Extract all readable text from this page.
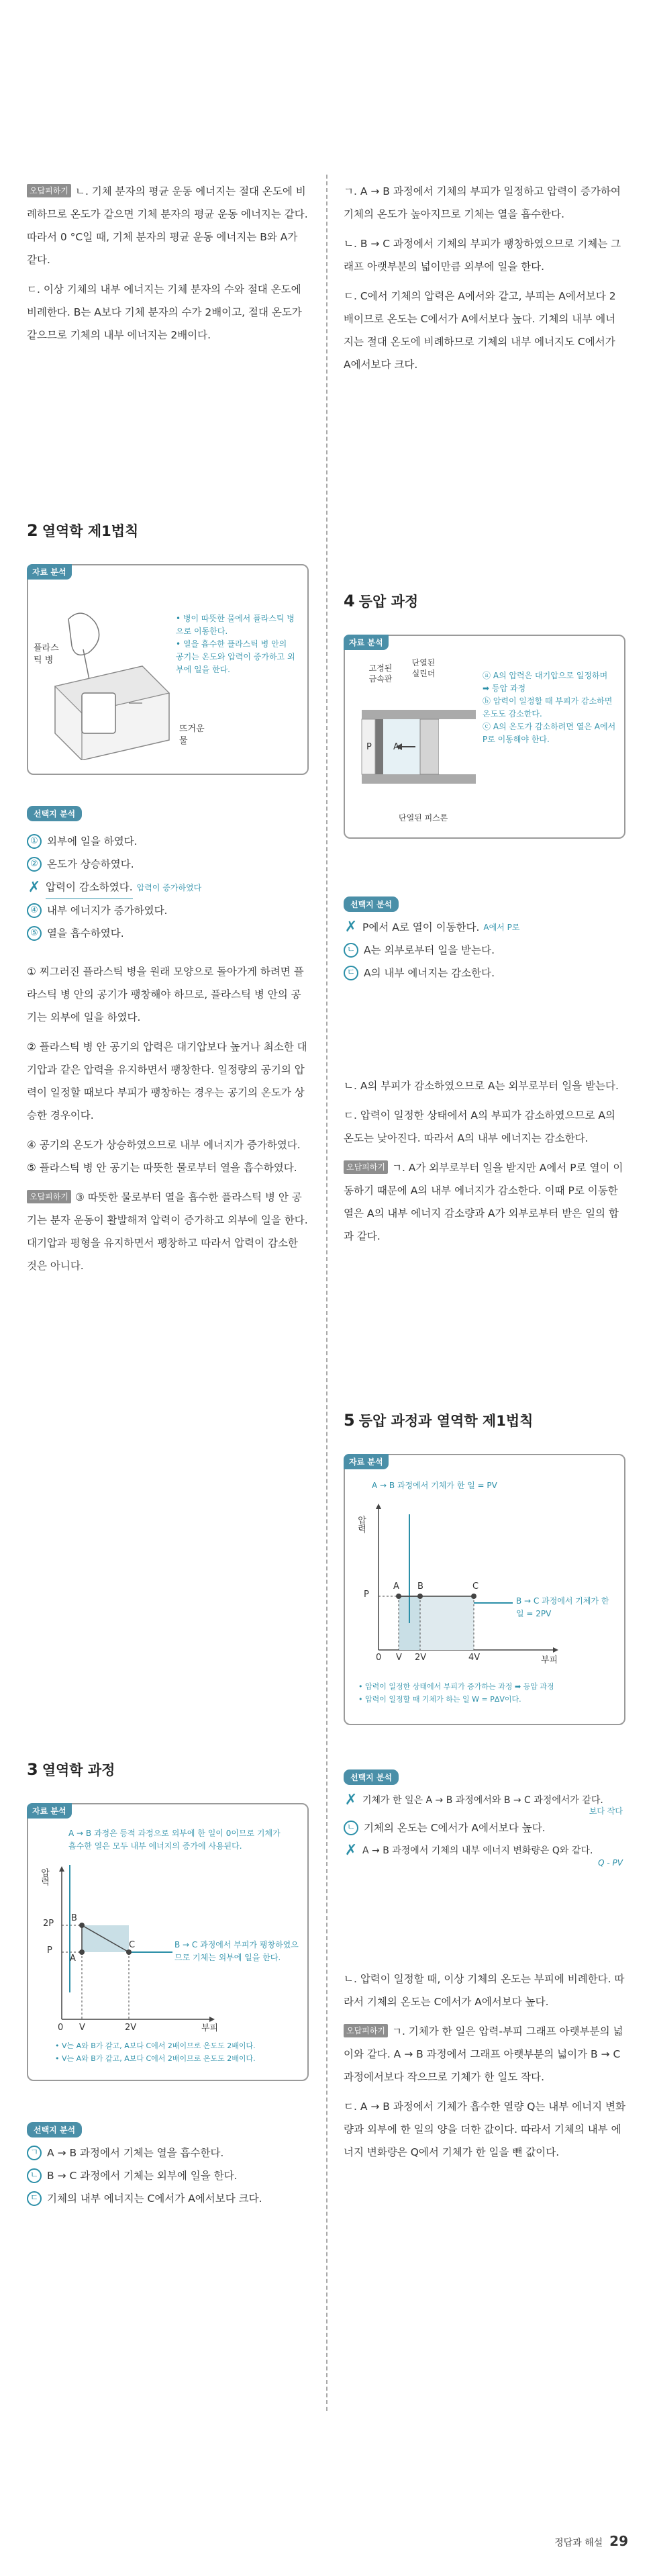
오답피하기 ㄴ. 기체 분자의 평균 운동 에너지는 절대 온도에 비례하므로 온도가 같으면 기체 분자의 평균 운동 에너지는 같다. 따라서 0 °C일 때, 기체 분자의 평균 운동 에너지는 B와 A가 같다.

ㄷ. 이상 기체의 내부 에너지는 기체 분자의 수와 절대 온도에 비례한다. B는 A보다 기체 분자의 수가 2배이고, 절대 온도가 같으므로 기체의 내부 에너지는 2배이다.

2 열역학 제1법칙
자료 분석
플라스틱 병
뜨거운 물
• 병이 따뜻한 물에서 플라스틱 병으로 이동한다.
• 열을 흡수한 플라스틱 병 안의 공기는 온도와 압력이 증가하고 외부에 일을 한다.
선택지 분석
① 외부에 일을 하였다.
② 온도가 상승하였다.
✗ 압력이 감소하였다. 압력이 증가하였다
④ 내부 에너지가 증가하였다.
⑤ 열을 흡수하였다.

① 찌그러진 플라스틱 병을 원래 모양으로 돌아가게 하려면 플라스틱 병 안의 공기가 팽창해야 하므로, 플라스틱 병 안의 공기는 외부에 일을 하였다.

② 플라스틱 병 안 공기의 압력은 대기압보다 높거나 최소한 대기압과 같은 압력을 유지하면서 팽창한다. 일정량의 공기의 압력이 일정할 때보다 부피가 팽창하는 경우는 공기의 온도가 상승한 경우이다.

④ 공기의 온도가 상승하였으므로 내부 에너지가 증가하였다.

⑤ 플라스틱 병 안 공기는 따뜻한 물로부터 열을 흡수하였다.

오답피하기 ③ 따뜻한 물로부터 열을 흡수한 플라스틱 병 안 공기는 분자 운동이 활발해져 압력이 증가하고 외부에 일을 한다. 대기압과 평형을 유지하면서 팽창하고 따라서 압력이 감소한 것은 아니다.

3 열역학 과정
자료 분석
A → B 과정은 등적 과정으로 외부에 한 일이 0이므로 기체가 흡수한 열은 모두 내부 에너지의 증가에 사용된다.
압력
2P
P
B
A
C
0 V	2V	부피
B → C 과정에서 부피가 팽창하였으므로 기체는 외부에 일을 한다.
• V는 A와 B가 같고, A보다 C에서 2배이므로 온도도 2배이다.
• V는 A와 B가 같고, A보다 C에서 2배이므로 온도도 2배이다.
선택지 분석
ㄱ A → B 과정에서 기체는 열을 흡수한다.
ㄴ B → C 과정에서 기체는 외부에 일을 한다.
ㄷ 기체의 내부 에너지는 C에서가 A에서보다 크다.

ㄱ. A → B 과정에서 기체의 부피가 일정하고 압력이 증가하여 기체의 온도가 높아지므로 기체는 열을 흡수한다.

ㄴ. B → C 과정에서 기체의 부피가 팽창하였으므로 기체는 그래프 아랫부분의 넓이만큼 외부에 일을 한다.

ㄷ. C에서 기체의 압력은 A에서와 같고, 부피는 A에서보다 2배이므로 온도는 C에서가 A에서보다 높다. 기체의 내부 에너지는 절대 온도에 비례하므로 기체의 내부 에너지도 C에서가 A에서보다 크다.

4 등압 과정
자료 분석
고정된 금속판
단열된 실린더
P A
단열된 피스톤
ⓐ A의 압력은 대기압으로 일정하며 ➡ 등압 과정
ⓑ 압력이 일정할 때 부피가 감소하면 온도도 감소한다.
ⓒ A의 온도가 감소하려면 열은 A에서 P로 이동해야 한다.
선택지 분석
✗ P에서 A로 열이 이동한다. A에서 P로
ㄴ A는 외부로부터 일을 받는다.
ㄷ A의 내부 에너지는 감소한다.

ㄴ. A의 부피가 감소하였으므로 A는 외부로부터 일을 받는다.

ㄷ. 압력이 일정한 상태에서 A의 부피가 감소하였으므로 A의 온도는 낮아진다. 따라서 A의 내부 에너지는 감소한다.

오답피하기 ㄱ. A가 외부로부터 일을 받지만 A에서 P로 열이 이동하기 때문에 A의 내부 에너지가 감소한다. 이때 P로 이동한 열은 A의 내부 에너지 감소량과 A가 외부로부터 받은 일의 합과 같다.

5 등압 과정과 열역학 제1법칙
자료 분석
A → B 과정에서 기체가 한 일 = PV
압력
P
A B	C
0 V 2V	4V	부피
B → C 과정에서 기체가 한 일 = 2PV
• 압력이 일정한 상태에서 부피가 증가하는 과정 ➡ 등압 과정
• 압력이 일정할 때 기체가 하는 일 W = PΔV이다.
선택지 분석
✗ 기체가 한 일은 A → B 과정에서와 B → C 과정에서가 같다.
보다 작다
ㄴ 기체의 온도는 C에서가 A에서보다 높다.
✗ A → B 과정에서 기체의 내부 에너지 변화량은 Q와 같다.
Q - PV

ㄴ. 압력이 일정할 때, 이상 기체의 온도는 부피에 비례한다. 따라서 기체의 온도는 C에서가 A에서보다 높다.

오답피하기 ㄱ. 기체가 한 일은 압력-부피 그래프 아랫부분의 넓이와 같다. A → B 과정에서 그래프 아랫부분의 넓이가 B → C 과정에서보다 작으므로 기체가 한 일도 작다.

ㄷ. A → B 과정에서 기체가 흡수한 열량 Q는 내부 에너지 변화량과 외부에 한 일의 양을 더한 값이다. 따라서 기체의 내부 에너지 변화량은 Q에서 기체가 한 일을 뺀 값이다.

정답과 해설 29
